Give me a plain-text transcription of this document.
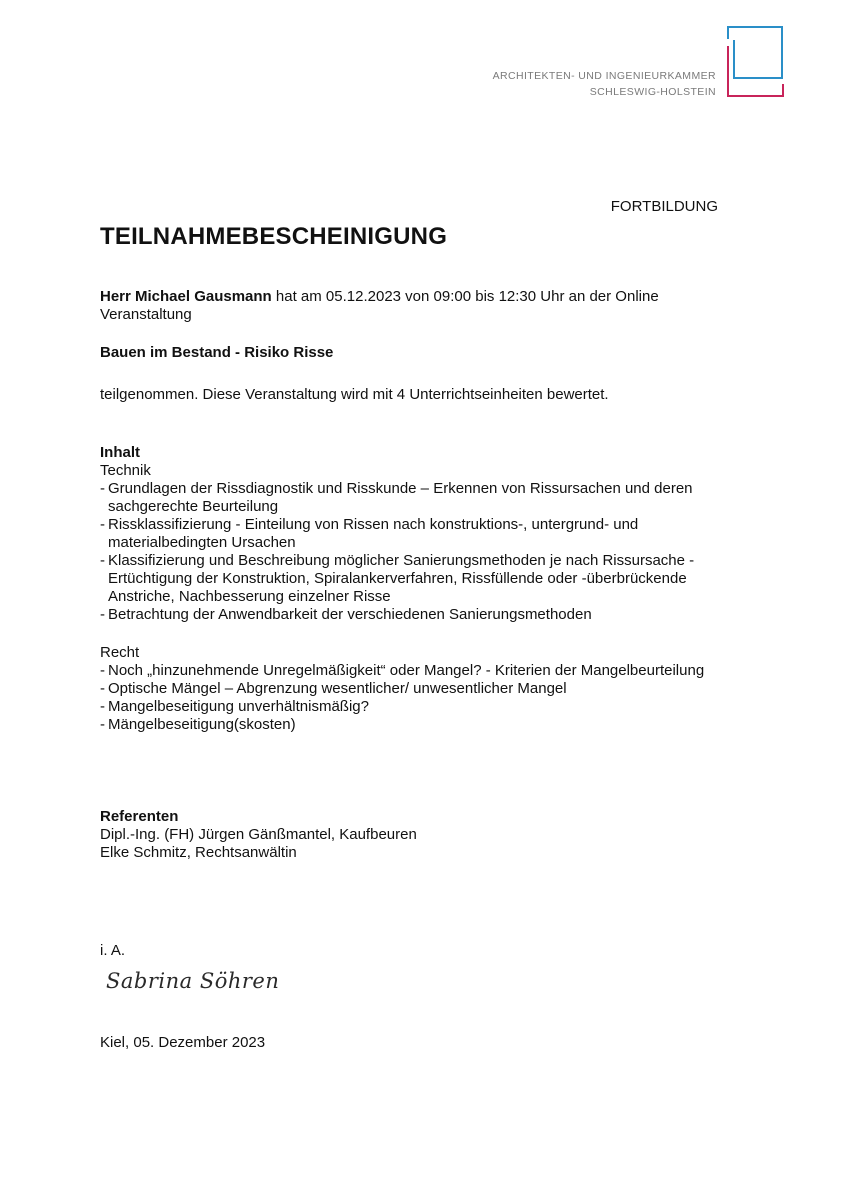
ARCHITEKTEN- UND INGENIEURKAMMER
SCHLESWIG-HOLSTEIN
FORTBILDUNG
TEILNAHMEBESCHEINIGUNG

Herr Michael Gausmann hat am 05.12.2023 von 09:00 bis 12:30 Uhr an der Online Veranstaltung

Bauen im Bestand - Risiko Risse

teilgenommen. Diese Veranstaltung wird mit 4 Unterrichtseinheiten bewertet.

Inhalt

Technik

- Grundlagen der Rissdiagnostik und Risskunde – Erkennen von Rissursachen und deren sachgerechte Beurteilung
- Rissklassifizierung - Einteilung von Rissen nach konstruktions-, untergrund- und materialbedingten Ursachen
- Klassifizierung und Beschreibung möglicher Sanierungsmethoden je nach Rissursache - Ertüchtigung der Konstruktion, Spiralankerverfahren, Rissfüllende oder -überbrückende Anstriche, Nachbesserung einzelner Risse
- Betrachtung der Anwendbarkeit der verschiedenen Sanierungsmethoden

Recht

- Noch „hinzunehmende Unregelmäßigkeit“ oder Mangel? - Kriterien der Mangelbeurteilung
- Optische Mängel – Abgrenzung wesentlicher/ unwesentlicher Mangel
- Mangelbeseitigung unverhältnismäßig?
- Mängelbeseitigung(skosten)

Referenten

Dipl.-Ing. (FH) Jürgen Gänßmantel, Kaufbeuren

Elke Schmitz, Rechtsanwältin

i. A.

Sabrina Söhren

Kiel, 05. Dezember 2023
